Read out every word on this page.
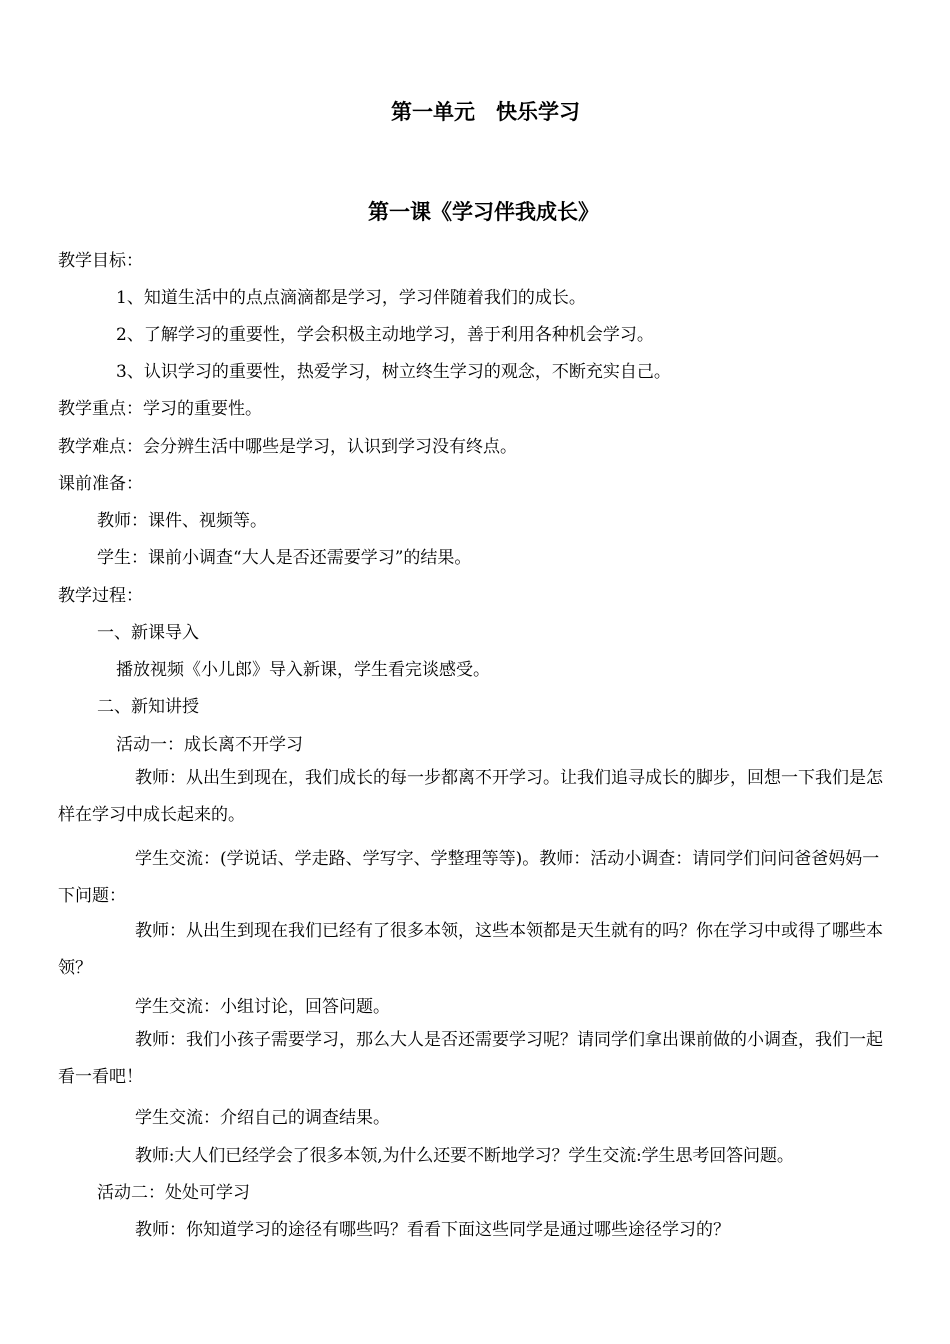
第一单元　快乐学习
第一课《学习伴我成长》
教学目标：
1、知道生活中的点点滴滴都是学习，学习伴随着我们的成长。
2、了解学习的重要性，学会积极主动地学习，善于利用各种机会学习。
3、认识学习的重要性，热爱学习，树立终生学习的观念，不断充实自己。
教学重点：学习的重要性。
教学难点：会分辨生活中哪些是学习，认识到学习没有终点。
课前准备：
教师：课件、视频等。
学生：课前小调查“大人是否还需要学习”的结果。
教学过程：
一、新课导入
播放视频《小儿郎》导入新课，学生看完谈感受。
二、新知讲授
活动一：成长离不开学习
教师：从出生到现在，我们成长的每一步都离不开学习。让我们追寻成长的脚步，回想一下我们是怎样在学习中成长起来的。
学生交流：(学说话、学走路、学写字、学整理等等)。教师：活动小调查：请同学们问问爸爸妈妈一下问题：
教师：从出生到现在我们已经有了很多本领，这些本领都是天生就有的吗？你在学习中或得了哪些本领？
学生交流：小组讨论，回答问题。
教师：我们小孩子需要学习，那么大人是否还需要学习呢？请同学们拿出课前做的小调查，我们一起看一看吧！
学生交流：介绍自己的调查结果。
教师:大人们已经学会了很多本领,为什么还要不断地学习？学生交流:学生思考回答问题。
活动二：处处可学习
教师：你知道学习的途径有哪些吗？看看下面这些同学是通过哪些途径学习的？
